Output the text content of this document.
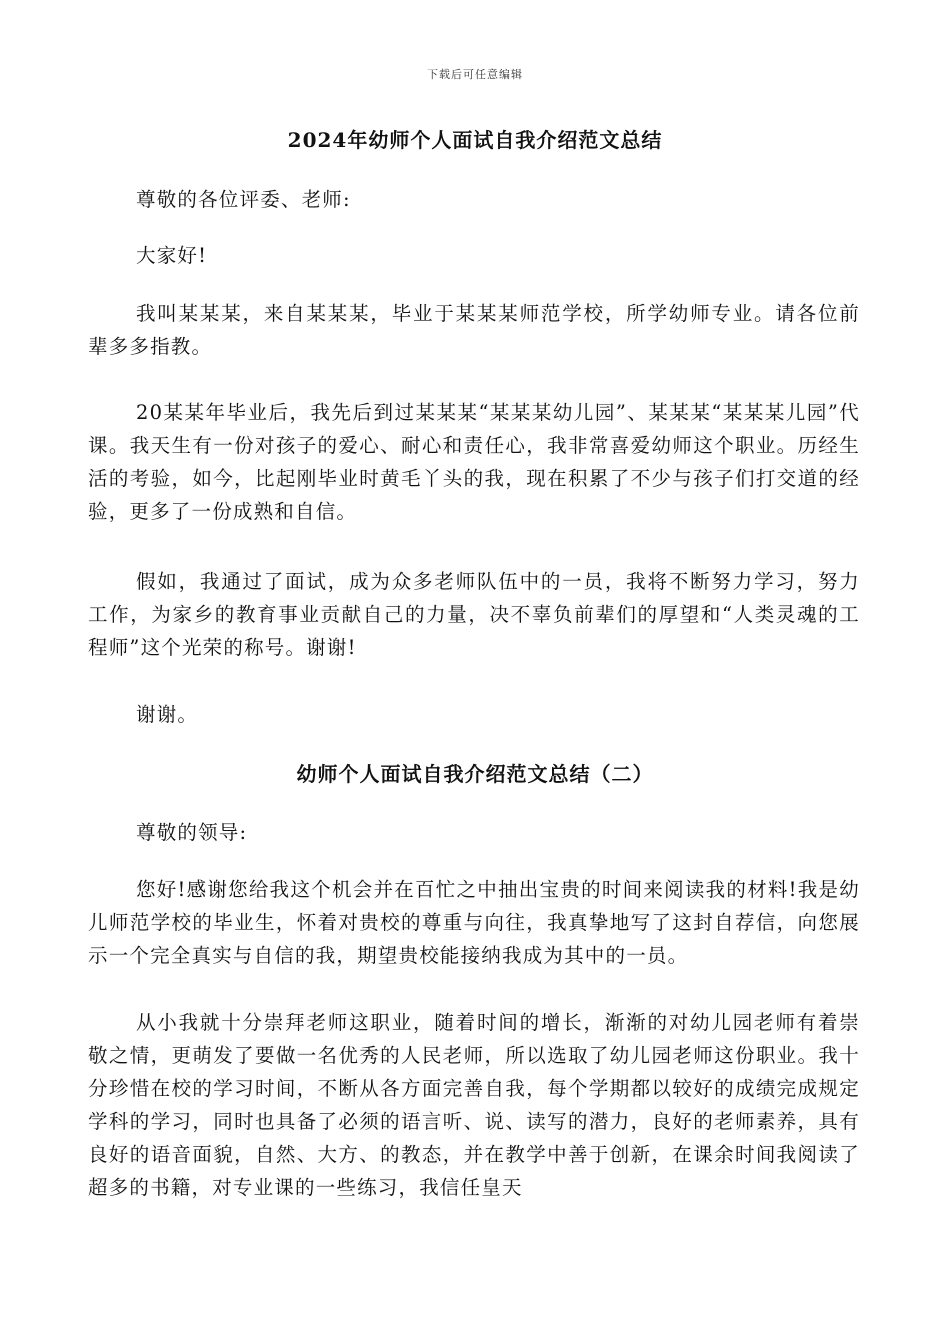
下载后可任意编辑
2024年幼师个人面试自我介绍范文总结

尊敬的各位评委、老师:

大家好!

我叫某某某，来自某某某，毕业于某某某师范学校，所学幼师专业。请各位前辈多多指教。

20某某年毕业后，我先后到过某某某“某某某幼儿园”、某某某“某某某儿园”代课。我天生有一份对孩子的爱心、耐心和责任心，我非常喜爱幼师这个职业。历经生活的考验，如今，比起刚毕业时黄毛丫头的我，现在积累了不少与孩子们打交道的经验，更多了一份成熟和自信。

假如，我通过了面试，成为众多老师队伍中的一员，我将不断努力学习，努力工作，为家乡的教育事业贡献自己的力量，决不辜负前辈们的厚望和“人类灵魂的工程师”这个光荣的称号。谢谢!

谢谢。

幼师个人面试自我介绍范文总结（二）

尊敬的领导:

您好!感谢您给我这个机会并在百忙之中抽出宝贵的时间来阅读我的材料!我是幼儿师范学校的毕业生，怀着对贵校的尊重与向往，我真挚地写了这封自荐信，向您展示一个完全真实与自信的我，期望贵校能接纳我成为其中的一员。

从小我就十分崇拜老师这职业，随着时间的增长，渐渐的对幼儿园老师有着崇敬之情，更萌发了要做一名优秀的人民老师，所以选取了幼儿园老师这份职业。我十分珍惜在校的学习时间，不断从各方面完善自我，每个学期都以较好的成绩完成规定学科的学习，同时也具备了必须的语言听、说、读写的潜力，良好的老师素养，具有良好的语音面貌，自然、大方、的教态，并在教学中善于创新，在课余时间我阅读了超多的书籍，对专业课的一些练习，我信任皇天
